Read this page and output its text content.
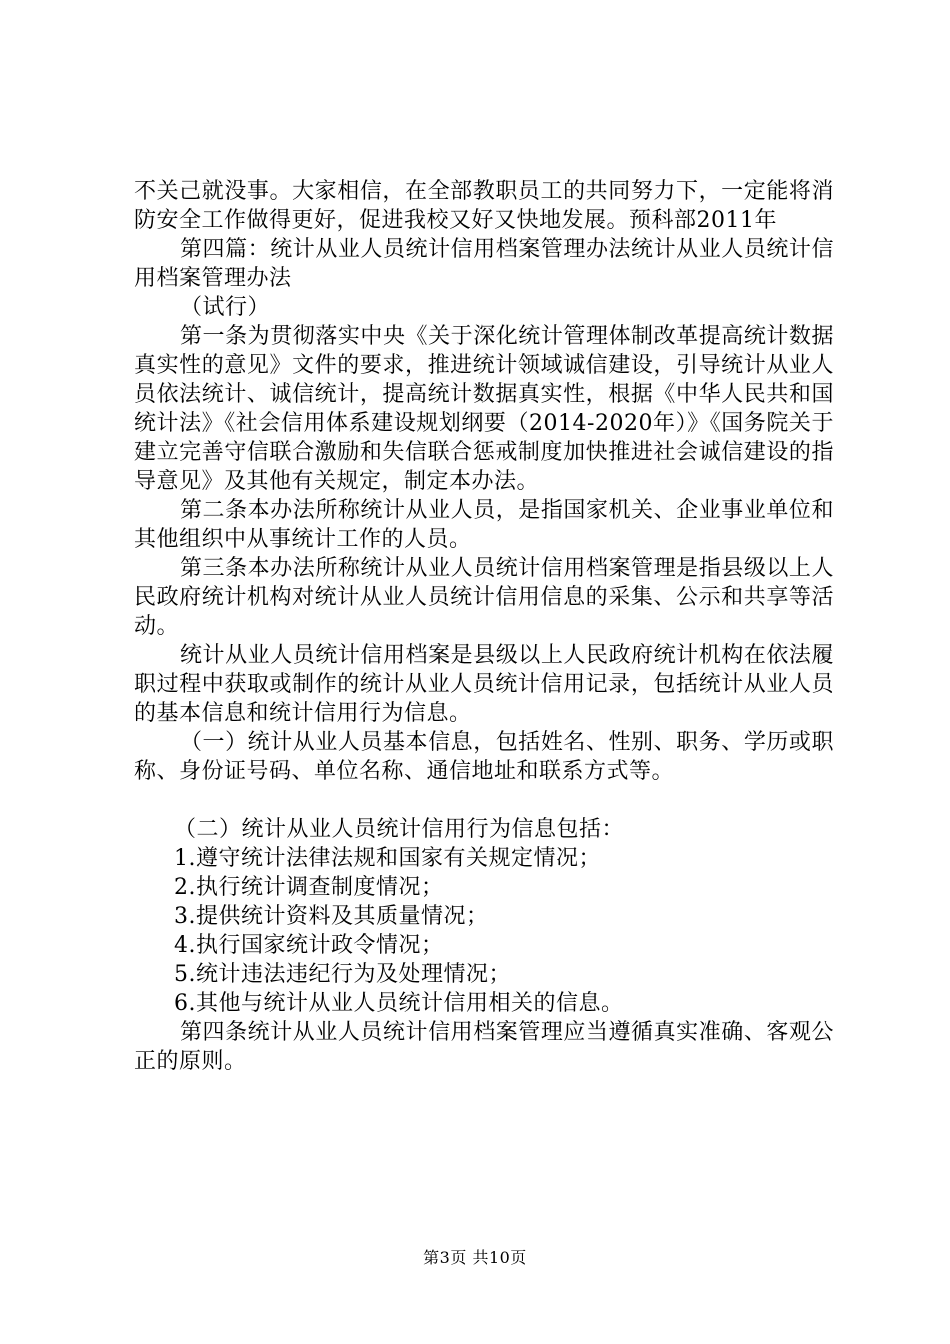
不关己就没事。大家相信，在全部教职员工的共同努力下，一定能将消防安全工作做得更好，促进我校又好又快地发展。预科部2011年

第四篇：统计从业人员统计信用档案管理办法统计从业人员统计信用档案管理办法

（试行）

第一条为贯彻落实中央《关于深化统计管理体制改革提高统计数据真实性的意见》文件的要求，推进统计领域诚信建设，引导统计从业人员依法统计、诚信统计，提高统计数据真实性，根据《中华人民共和国统计法》《社会信用体系建设规划纲要（2014-2020年）》《国务院关于建立完善守信联合激励和失信联合惩戒制度加快推进社会诚信建设的指导意见》及其他有关规定，制定本办法。

第二条本办法所称统计从业人员，是指国家机关、企业事业单位和其他组织中从事统计工作的人员。

第三条本办法所称统计从业人员统计信用档案管理是指县级以上人民政府统计机构对统计从业人员统计信用信息的采集、公示和共享等活动。

统计从业人员统计信用档案是县级以上人民政府统计机构在依法履职过程中获取或制作的统计从业人员统计信用记录，包括统计从业人员的基本信息和统计信用行为信息。

（一）统计从业人员基本信息，包括姓名、性别、职务、学历或职称、身份证号码、单位名称、通信地址和联系方式等。

（二）统计从业人员统计信用行为信息包括：

1.遵守统计法律法规和国家有关规定情况；

2.执行统计调查制度情况；

3.提供统计资料及其质量情况；

4.执行国家统计政令情况；

5.统计违法违纪行为及处理情况；

6.其他与统计从业人员统计信用相关的信息。

第四条统计从业人员统计信用档案管理应当遵循真实准确、客观公正的原则。

第3页 共10页
